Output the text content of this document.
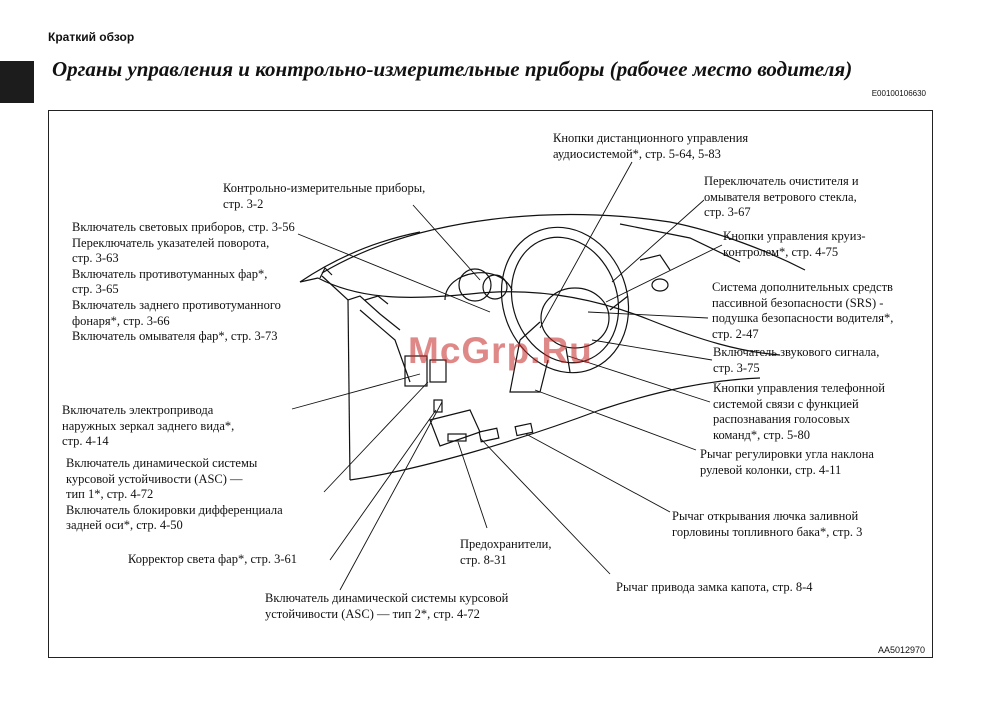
Краткий обзор
Органы управления и контрольно-измерительные приборы (рабочее место водителя)
E00100106630
Кнопки дистанционного управления
аудиосистемой*, стр. 5-64, 5-83
Контрольно-измерительные приборы,
стр. 3-2
Включатель световых приборов, стр. 3-56
Переключатель указателей поворота,
стр. 3-63
Включатель противотуманных фар*,
стр. 3-65
Включатель заднего противотуманного
фонаря*, стр. 3-66
Включатель омывателя фар*, стр. 3-73
Переключатель очистителя и
омывателя ветрового стекла,
стр. 3-67
Кнопки управления круиз-
контролем*, стр. 4-75
Система дополнительных средств
пассивной безопасности (SRS) -
подушка безопасности водителя*,
стр. 2-47
Включатель звукового сигнала,
стр. 3-75
Кнопки управления телефонной
системой связи с функцией
распознавания голосовых
команд*, стр. 5-80
Включатель электропривода
наружных зеркал заднего вида*,
стр. 4-14
Рычаг регулировки угла наклона
рулевой колонки, стр. 4-11
Включатель динамической системы
курсовой устойчивости (ASC) —
тип 1*, стр. 4-72
Включатель блокировки дифференциала
задней оси*, стр. 4-50
Рычаг открывания лючка заливной
горловины топливного бака*, стр. 3
Предохранители,
стр. 8-31
Корректор света фар*, стр. 3-61
Рычаг привода замка капота, стр. 8-4
Включатель динамической системы курсовой
устойчивости (ASC) — тип 2*, стр. 4-72
McGrp.Ru
AA5012970
